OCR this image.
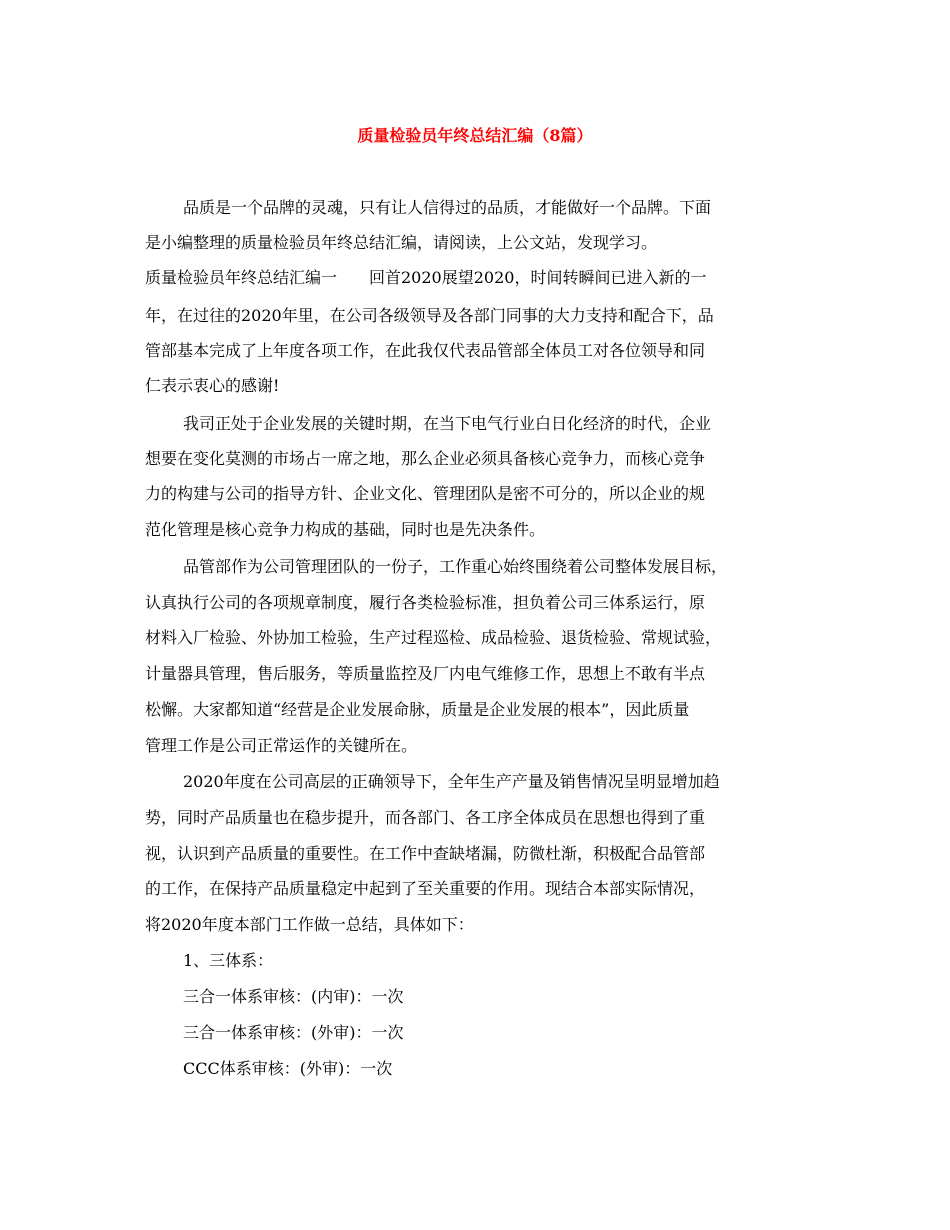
质量检验员年终总结汇编（8篇）
品质是一个品牌的灵魂，只有让人信得过的品质，才能做好一个品牌。下面
是小编整理的质量检验员年终总结汇编，请阅读，上公文站，发现学习。
质量检验员年终总结汇编一　　回首2020展望2020，时间转瞬间已进入新的一
年，在过往的2020年里，在公司各级领导及各部门同事的大力支持和配合下，品
管部基本完成了上年度各项工作，在此我仅代表品管部全体员工对各位领导和同
仁表示衷心的感谢!
我司正处于企业发展的关键时期，在当下电气行业白日化经济的时代，企业
想要在变化莫测的市场占一席之地，那么企业必须具备核心竞争力，而核心竞争
力的构建与公司的指导方针、企业文化、管理团队是密不可分的，所以企业的规
范化管理是核心竞争力构成的基础，同时也是先决条件。
品管部作为公司管理团队的一份子，工作重心始终围绕着公司整体发展目标，
认真执行公司的各项规章制度，履行各类检验标准，担负着公司三体系运行，原
材料入厂检验、外协加工检验，生产过程巡检、成品检验、退货检验、常规试验，
计量器具管理，售后服务，等质量监控及厂内电气维修工作，思想上不敢有半点
松懈。大家都知道“经营是企业发展命脉，质量是企业发展的根本”，因此质量
管理工作是公司正常运作的关键所在。
2020年度在公司高层的正确领导下，全年生产产量及销售情况呈明显增加趋
势，同时产品质量也在稳步提升，而各部门、各工序全体成员在思想也得到了重
视，认识到产品质量的重要性。在工作中查缺堵漏，防微杜渐，积极配合品管部
的工作，在保持产品质量稳定中起到了至关重要的作用。现结合本部实际情况，
将2020年度本部门工作做一总结，具体如下：
1、三体系：
三合一体系审核：(内审)：一次
三合一体系审核：(外审)：一次
CCC体系审核：(外审)：一次
